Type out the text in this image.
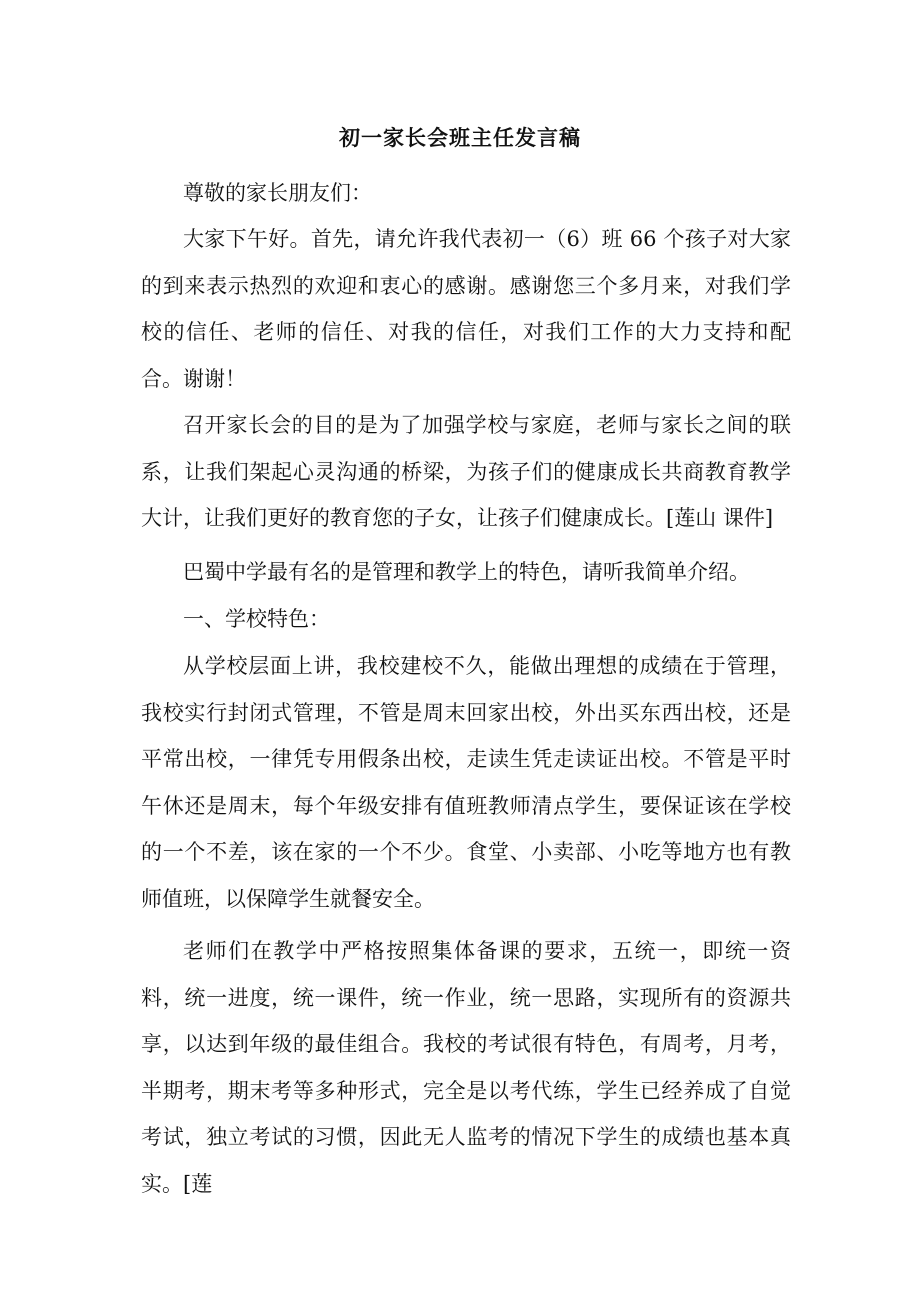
初一家长会班主任发言稿

尊敬的家长朋友们：

大家下午好。首先，请允许我代表初一（6）班 66 个孩子对大家的到来表示热烈的欢迎和衷心的感谢。感谢您三个多月来，对我们学校的信任、老师的信任、对我的信任，对我们工作的大力支持和配合。谢谢！

召开家长会的目的是为了加强学校与家庭，老师与家长之间的联系，让我们架起心灵沟通的桥梁，为孩子们的健康成长共商教育教学大计，让我们更好的教育您的子女，让孩子们健康成长。[莲山 课件]

巴蜀中学最有名的是管理和教学上的特色，请听我简单介绍。

一、学校特色：

从学校层面上讲，我校建校不久，能做出理想的成绩在于管理，我校实行封闭式管理，不管是周末回家出校，外出买东西出校，还是平常出校，一律凭专用假条出校，走读生凭走读证出校。不管是平时午休还是周末，每个年级安排有值班教师清点学生，要保证该在学校的一个不差，该在家的一个不少。食堂、小卖部、小吃等地方也有教师值班，以保障学生就餐安全。

老师们在教学中严格按照集体备课的要求，五统一，即统一资料，统一进度，统一课件，统一作业，统一思路，实现所有的资源共享，以达到年级的最佳组合。我校的考试很有特色，有周考，月考，半期考，期末考等多种形式，完全是以考代练，学生已经养成了自觉考试，独立考试的习惯，因此无人监考的情况下学生的成绩也基本真实。[莲
